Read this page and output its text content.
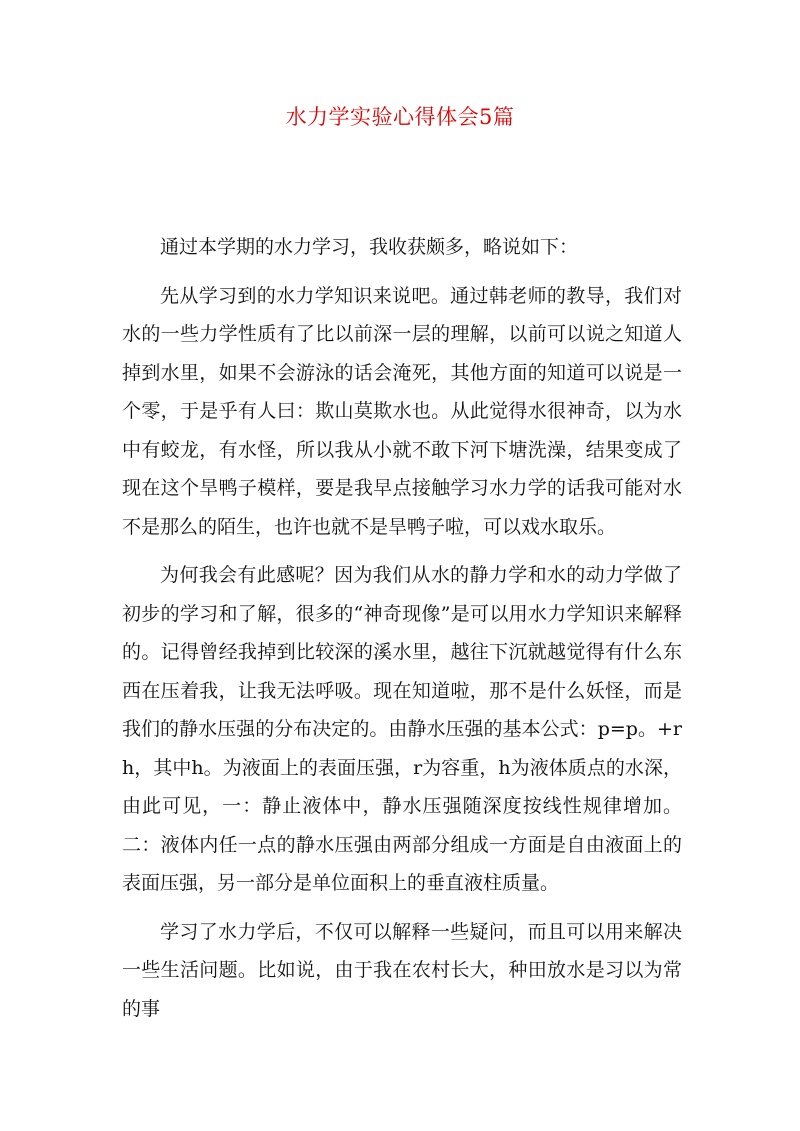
水力学实验心得体会5篇

通过本学期的水力学习，我收获颇多，略说如下：

先从学习到的水力学知识来说吧。通过韩老师的教导，我们对水的一些力学性质有了比以前深一层的理解，以前可以说之知道人掉到水里，如果不会游泳的话会淹死，其他方面的知道可以说是一个零，于是乎有人曰：欺山莫欺水也。从此觉得水很神奇，以为水中有蛟龙，有水怪，所以我从小就不敢下河下塘洗澡，结果变成了现在这个旱鸭子模样，要是我早点接触学习水力学的话我可能对水不是那么的陌生，也许也就不是旱鸭子啦，可以戏水取乐。

为何我会有此感呢？因为我们从水的静力学和水的动力学做了初步的学习和了解，很多的“神奇现像”是可以用水力学知识来解释的。记得曾经我掉到比较深的溪水里，越往下沉就越觉得有什么东西在压着我，让我无法呼吸。现在知道啦，那不是什么妖怪，而是我们的静水压强的分布决定的。由静水压强的基本公式：p=p。+rh，其中h。为液面上的表面压强，r为容重，h为液体质点的水深，由此可见，一：静止液体中，静水压强随深度按线性规律增加。二：液体内任一点的静水压强由两部分组成一方面是自由液面上的表面压强，另一部分是单位面积上的垂直液柱质量。

学习了水力学后，不仅可以解释一些疑问，而且可以用来解决一些生活问题。比如说，由于我在农村长大，种田放水是习以为常的事
